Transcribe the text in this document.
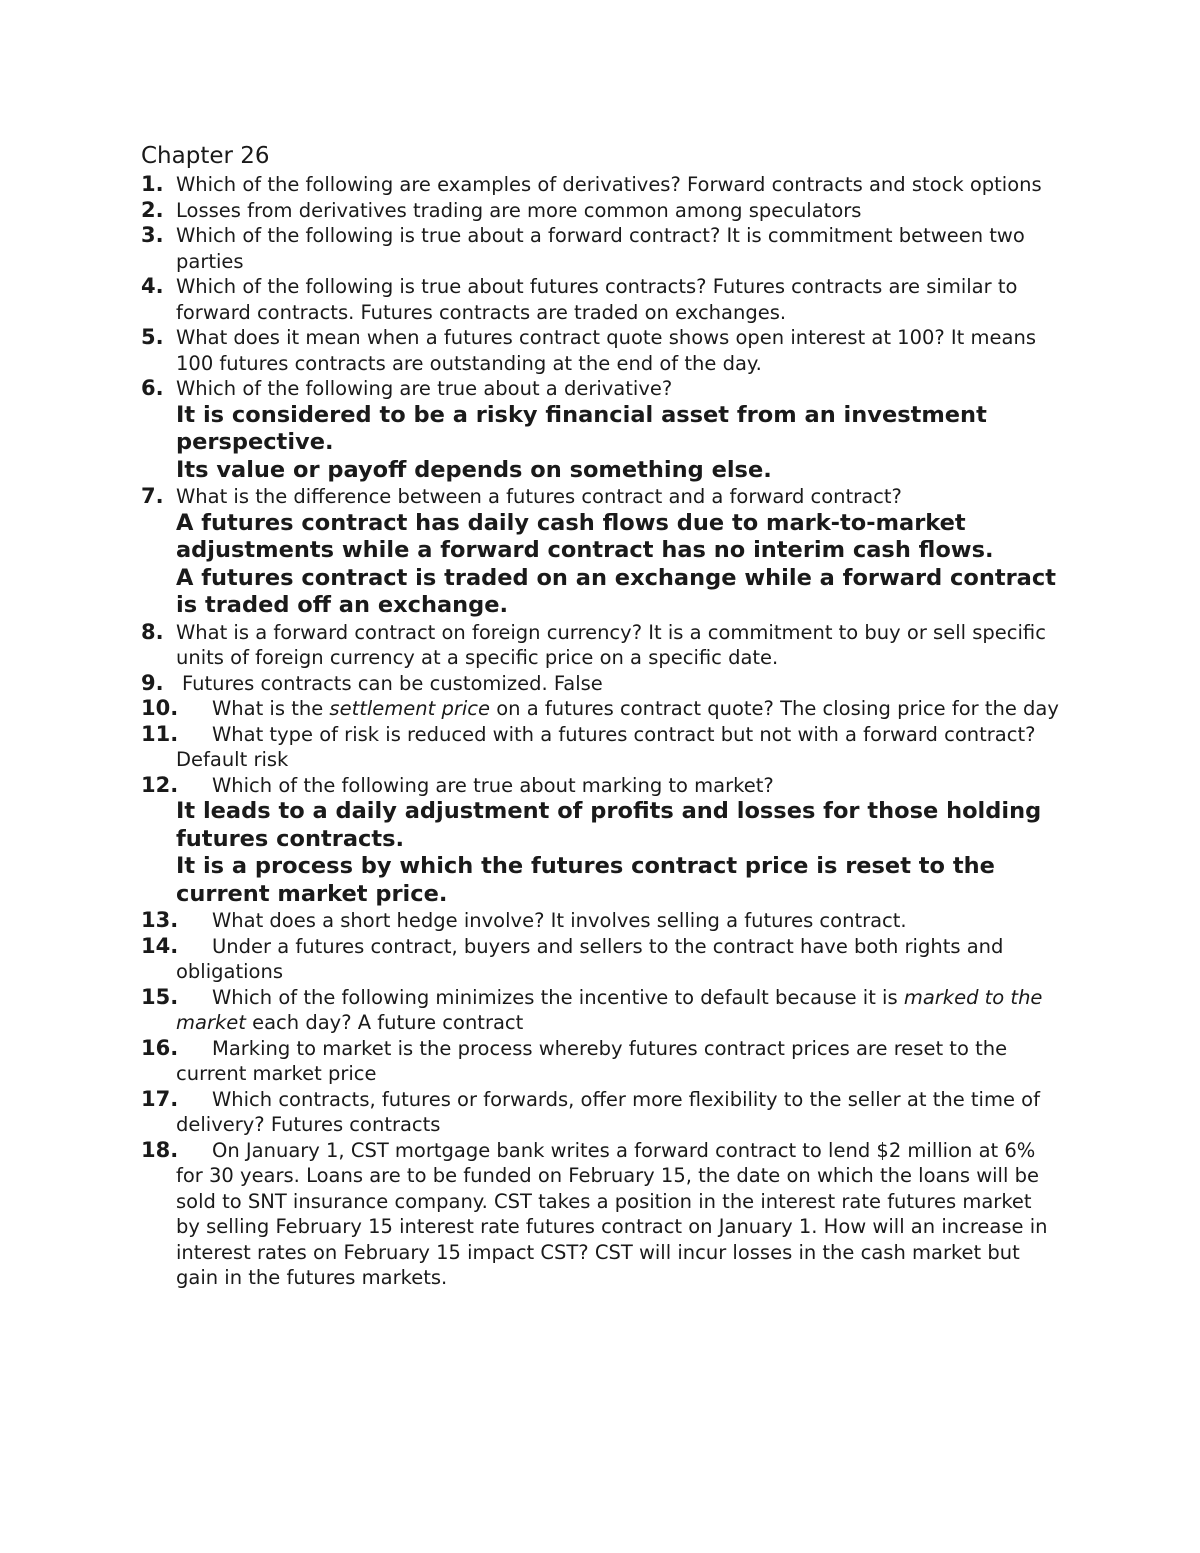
Chapter 26
1. Which of the following are examples of derivatives? Forward contracts and stock options
2. Losses from derivatives trading are more common among speculators
3. Which of the following is true about a forward contract? It is commitment between two parties
4. Which of the following is true about futures contracts? Futures contracts are similar to forward contracts. Futures contracts are traded on exchanges.
5. What does it mean when a futures contract quote shows open interest at 100? It means 100 futures contracts are outstanding at the end of the day.
6. Which of the following are true about a derivative?
It is considered to be a risky financial asset from an investment perspective.
Its value or payoff depends on something else.
7. What is the difference between a futures contract and a forward contract?
A futures contract has daily cash flows due to mark-to-market adjustments while a forward contract has no interim cash flows.
A futures contract is traded on an exchange while a forward contract is traded off an exchange.
8. What is a forward contract on foreign currency? It is a commitment to buy or sell specific units of foreign currency at a specific price on a specific date.
9. Futures contracts can be customized. False
10.	What is the settlement price on a futures contract quote? The closing price for the day
11.	What type of risk is reduced with a futures contract but not with a forward contract? Default risk
12.	Which of the following are true about marking to market?
It leads to a daily adjustment of profits and losses for those holding futures contracts.
It is a process by which the futures contract price is reset to the current market price.
13.	What does a short hedge involve? It involves selling a futures contract.
14.	Under a futures contract, buyers and sellers to the contract have both rights and obligations
15.	Which of the following minimizes the incentive to default because it is marked to the market each day? A future contract
16.	Marking to market is the process whereby futures contract prices are reset to the current market price
17.	Which contracts, futures or forwards, offer more flexibility to the seller at the time of delivery? Futures contracts
18.	On January 1, CST mortgage bank writes a forward contract to lend $2 million at 6% for 30 years. Loans are to be funded on February 15, the date on which the loans will be sold to SNT insurance company. CST takes a position in the interest rate futures market by selling February 15 interest rate futures contract on January 1. How will an increase in interest rates on February 15 impact CST? CST will incur losses in the cash market but gain in the futures markets.
